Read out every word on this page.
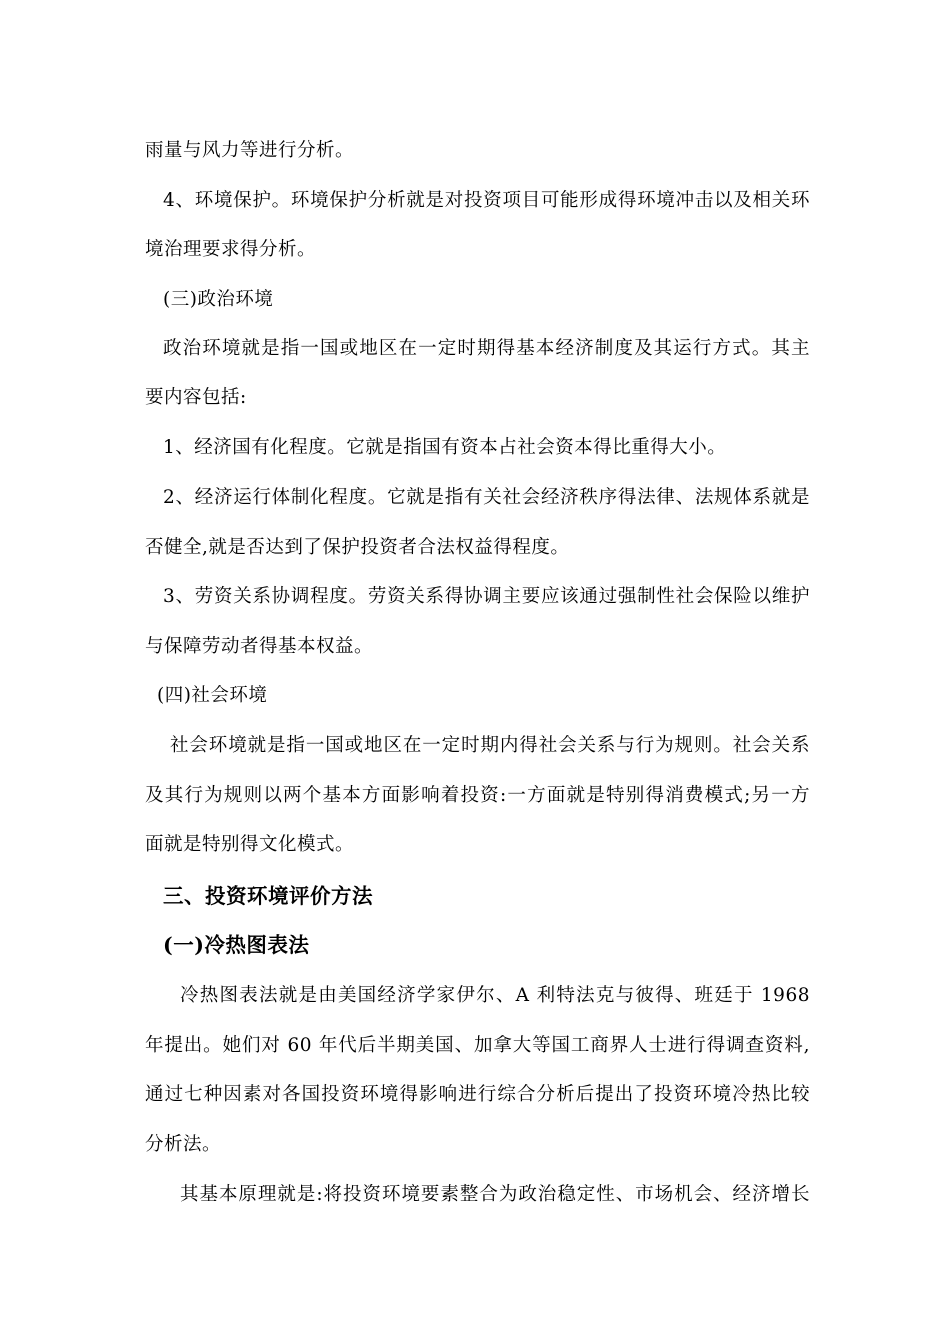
雨量与风力等进行分析。
4、环境保护。环境保护分析就是对投资项目可能形成得环境冲击以及相关环
境治理要求得分析。
(三)政治环境
政治环境就是指一国或地区在一定时期得基本经济制度及其运行方式。其主
要内容包括:
1、经济国有化程度。它就是指国有资本占社会资本得比重得大小。
2、经济运行体制化程度。它就是指有关社会经济秩序得法律、法规体系就是
否健全,就是否达到了保护投资者合法权益得程度。
3、劳资关系协调程度。劳资关系得协调主要应该通过强制性社会保险以维护
与保障劳动者得基本权益。
(四)社会环境
社会环境就是指一国或地区在一定时期内得社会关系与行为规则。社会关系
及其行为规则以两个基本方面影响着投资:一方面就是特别得消费模式;另一方
面就是特别得文化模式。
三、投资环境评价方法
(一)冷热图表法
冷热图表法就是由美国经济学家伊尔、A 利特法克与彼得、班廷于 1968
年提出。她们对 60 年代后半期美国、加拿大等国工商界人士进行得调查资料,
通过七种因素对各国投资环境得影响进行综合分析后提出了投资环境冷热比较
分析法。
其基本原理就是:将投资环境要素整合为政治稳定性、市场机会、经济增长
